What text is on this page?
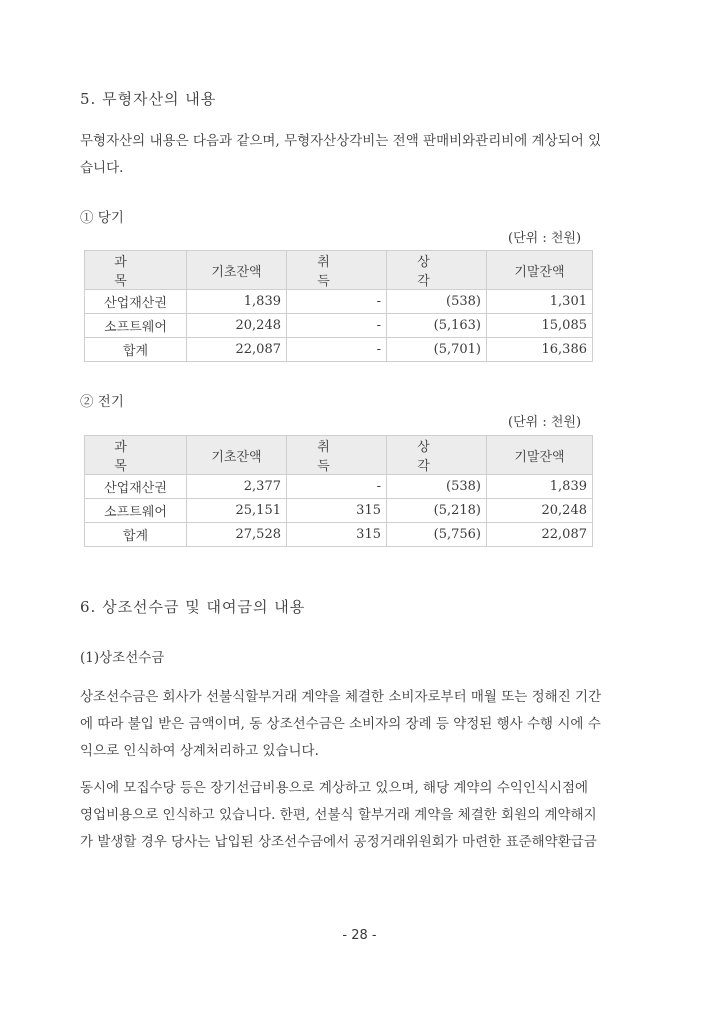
5. 무형자산의 내용
무형자산의 내용은 다음과 같으며, 무형자산상각비는 전액 판매비와관리비에 계상되어 있
습니다.
① 당기
(단위 : 천원)
과 목	기초잔액	취 득	상 각	기말잔액
산업재산권	1,839	-	(538)	1,301
소프트웨어	20,248	-	(5,163)	15,085
합계	22,087	-	(5,701)	16,386
② 전기
(단위 : 천원)
과 목	기초잔액	취 득	상 각	기말잔액
산업재산권	2,377	-	(538)	1,839
소프트웨어	25,151	315	(5,218)	20,248
합계	27,528	315	(5,756)	22,087
6. 상조선수금 및 대여금의 내용
(1)상조선수금
상조선수금은 회사가 선불식할부거래 계약을 체결한 소비자로부터 매월 또는 정해진 기간
에 따라 불입 받은 금액이며, 동 상조선수금은 소비자의 장례 등 약정된 행사 수행 시에 수
익으로 인식하여 상계처리하고 있습니다.
동시에 모집수당 등은 장기선급비용으로 계상하고 있으며, 해당 계약의 수익인식시점에
영업비용으로 인식하고 있습니다. 한편, 선불식 할부거래 계약을 체결한 회원의 계약해지
가 발생할 경우 당사는 납입된 상조선수금에서 공정거래위원회가 마련한 표준해약환급금
- 28 -
